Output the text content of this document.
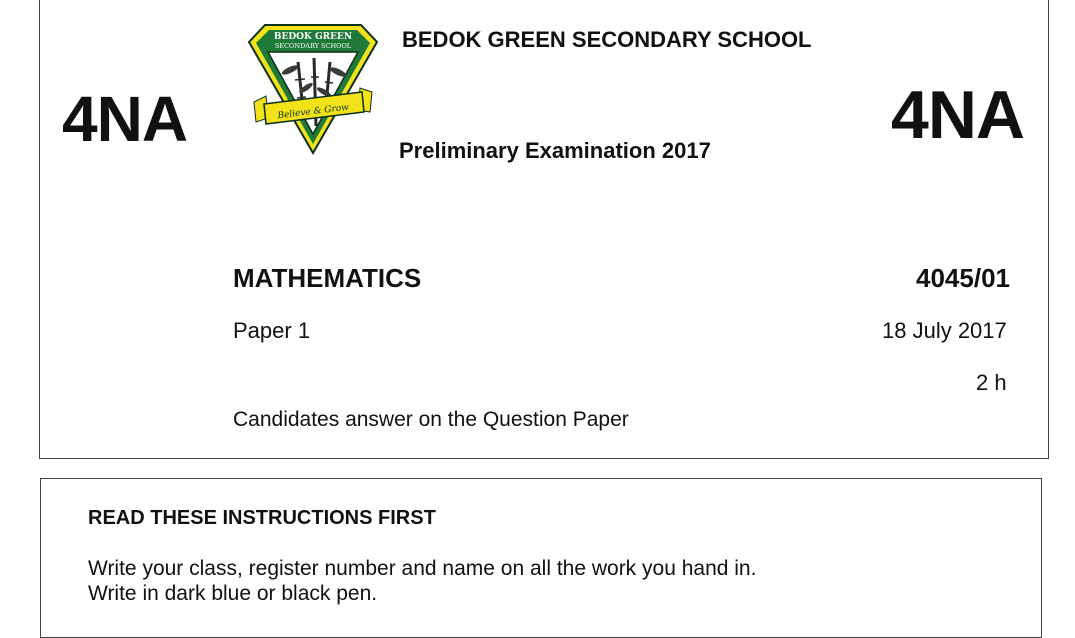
4NA	4NA
Believe & Grow
BEDOK GREEN
SECONDARY SCHOOL BEDOK GREEN SECONDARY SCHOOL
Preliminary Examination 2017
MATHEMATICS	4045/01
Paper 1	18 July 2017
2 h
Candidates answer on the Question Paper
READ THESE INSTRUCTIONS FIRST
Write your class, register number and name on all the work you hand in.
Write in dark blue or black pen.
